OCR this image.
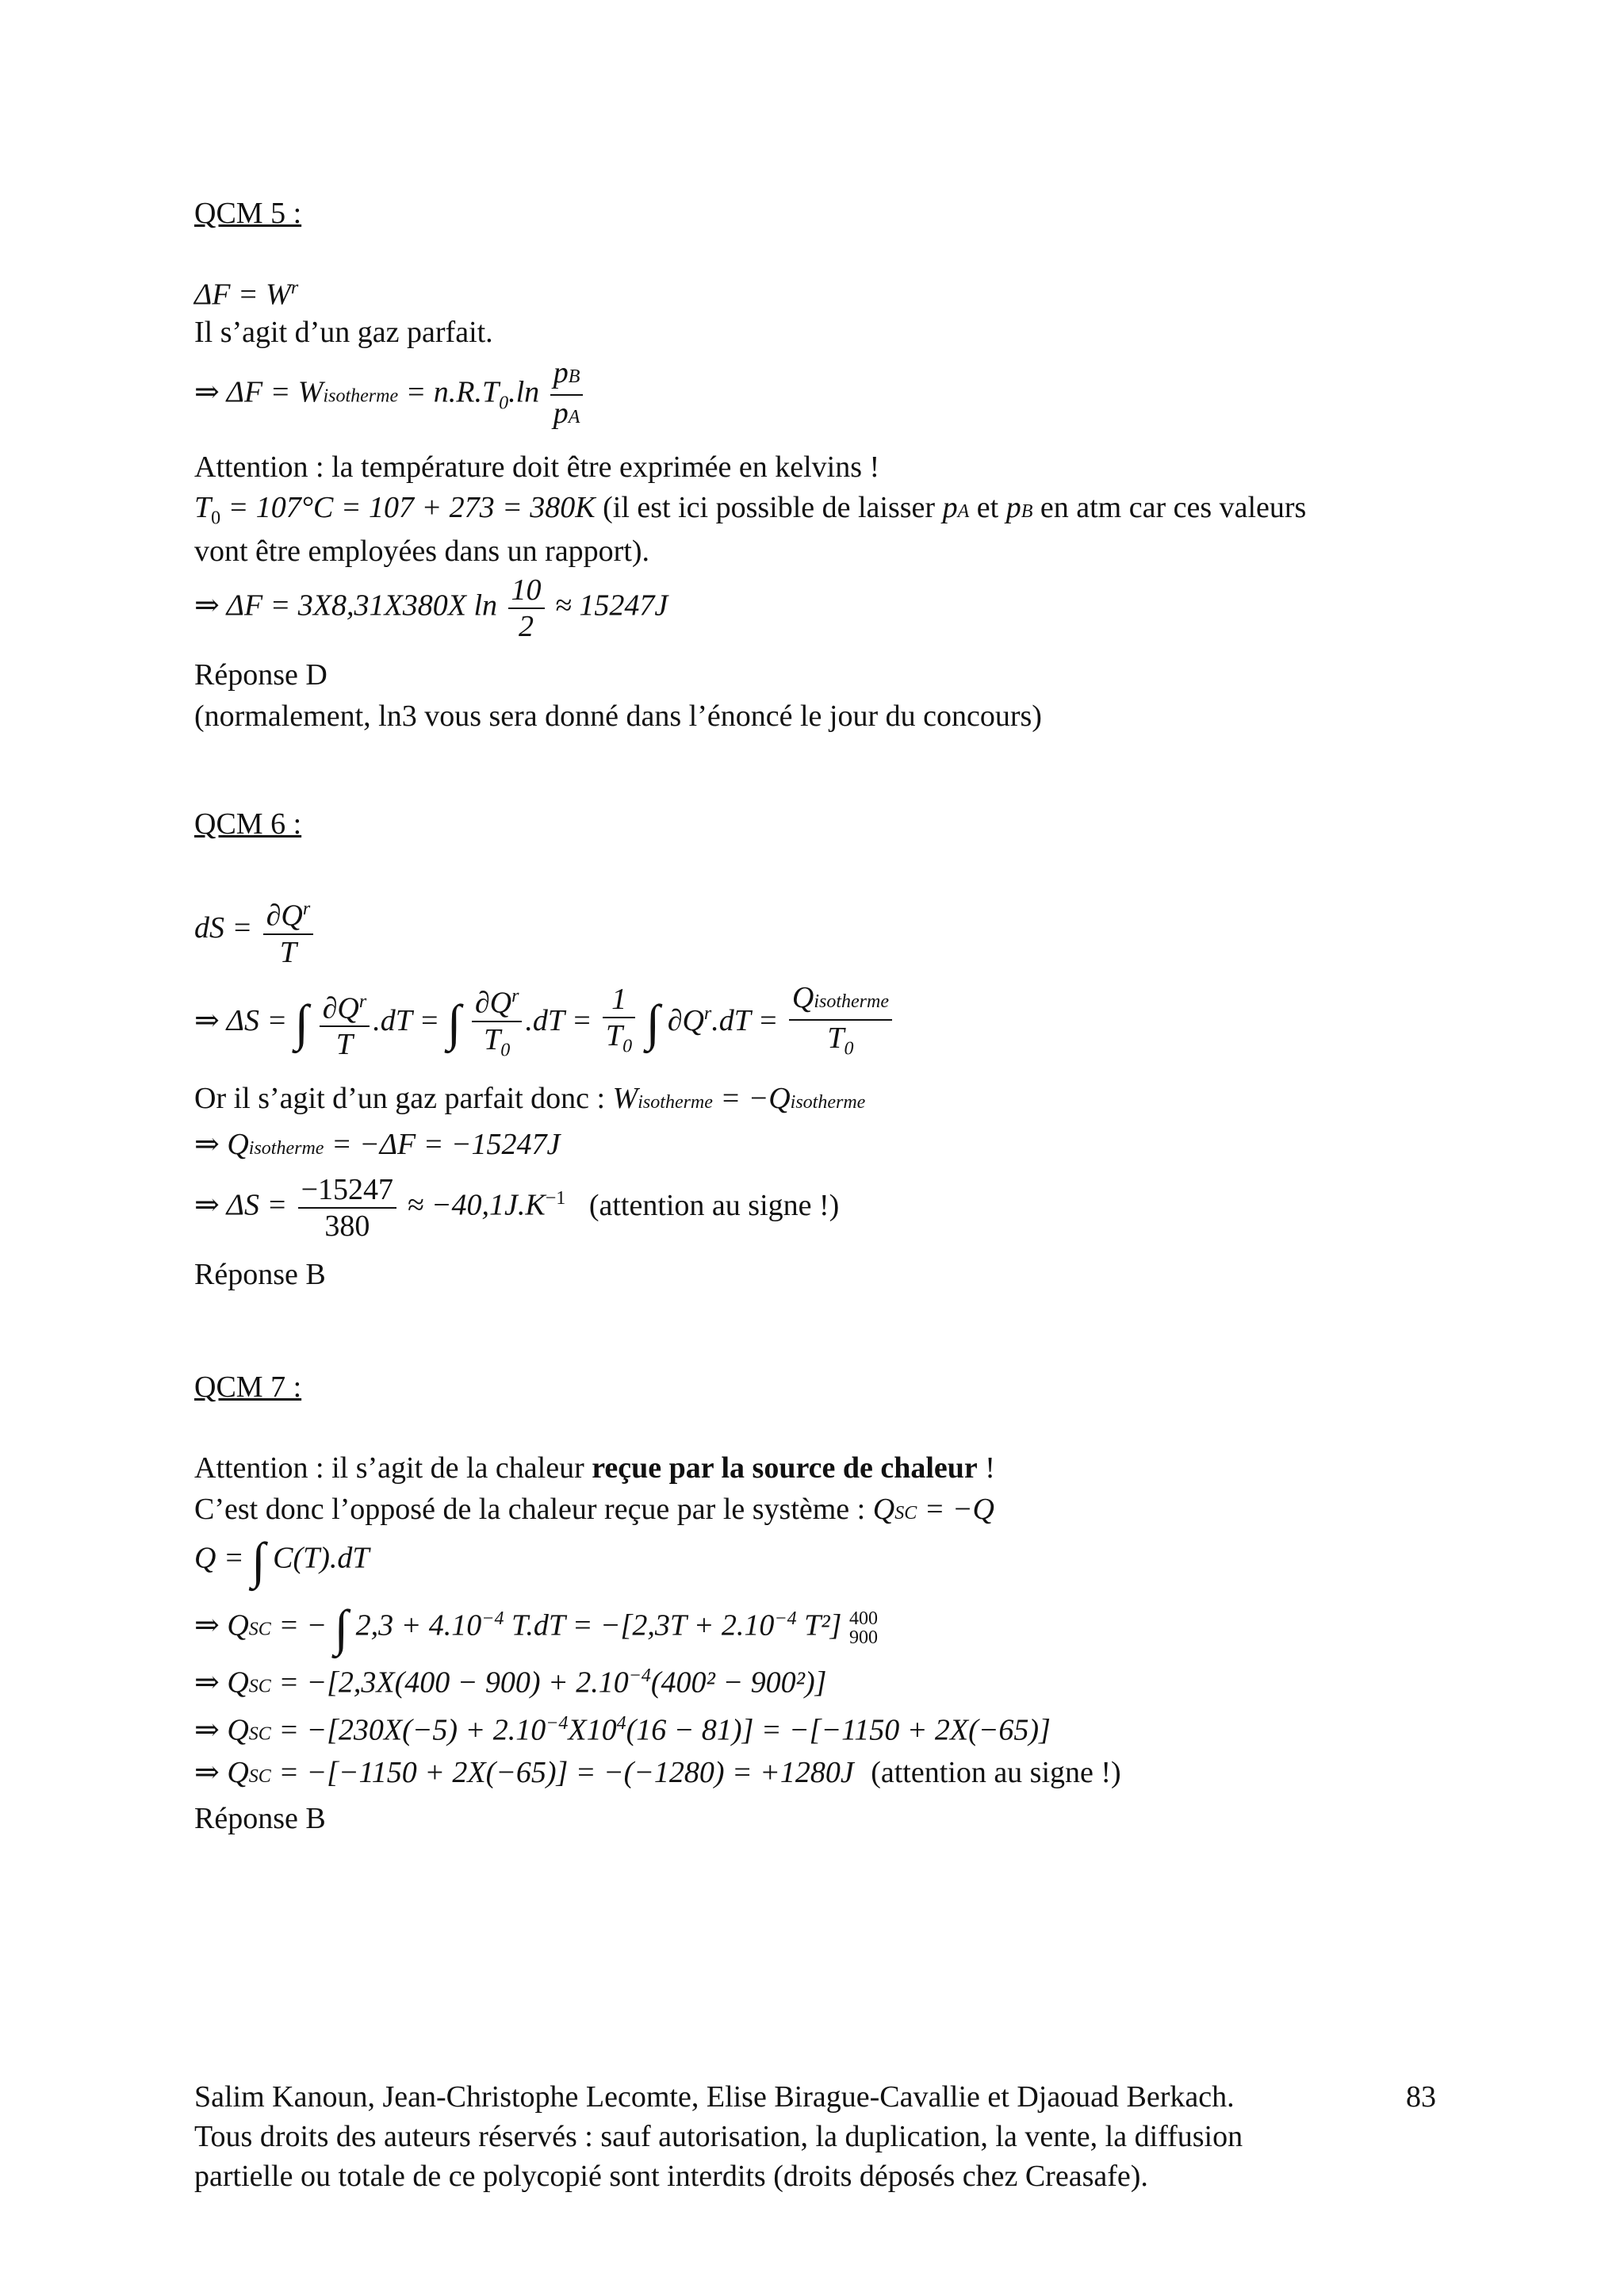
QCM 5 :
$\Delta F = W^r$
Il s’agit d’un gaz parfait.
⇒ ΔF = Wisotherme = $n.R.T_0.\ln \frac{pB}{pA}$
Attention : la température doit être exprimée en kelvins !
$T_0 = 107^\circ C = 107 + 273 = 380K$ (il est ici possible de laisser pA et pB en atm car ces valeurs
vont être employées dans un rapport).
⇒ ΔF = 3X8,31X380X $\ln \frac{10}{2} \approx 15247J$
Réponse D
(normalement, ln3 vous sera donné dans l’énoncé le jour du concours)
QCM 6 :
dS = $\frac{\partial Q^r}{T}$
⇒ ΔS = ∫ $\frac{\partial Q^r}{T} .dT$ = ∫ $\frac{\partial Q^r}{T_0} .dT = \frac{1}{T_0}$ ∫ $\partial Q^r.dT = \frac{\text{Qisotherme}}{T_0}$
Or il s’agit d’un gaz parfait donc : Wisotherme = −Qisotherme
⇒ Qisotherme = −ΔF = −15247J
⇒ $\Delta S = \frac{-15247}{380} \approx -40,1J.K^{-1}$ (attention au signe !)
Réponse B
QCM 7 :
Attention : il s’agit de la chaleur reçue par la source de chaleur !
C’est donc l’opposé de la chaleur reçue par le système : QSC = −Q
Q = ∫ C(T).dT
⇒ QSC = − ∫ $2,3 + 4.10^{-4}$ $T.dT = -[2,3T + 2.10^{-4}$ T²] 400
900
⇒ QSC = $-[2,3X(400 - 900) + 2.10^{-4}(400^2 - 900^2)]$
⇒ QSC = $-[230X(-5) + 2.10^{-4}X10^4(16 - 81)] = -[-1150 + 2X(-65)]$
⇒ QSC = −[−1150 + 2X(−65)] = −(−1280) = +1280J (attention au signe !)
Réponse B
Salim Kanoun, Jean-Christophe Lecomte, Elise Birague-Cavallie et Djaouad Berkach.
Tous droits des auteurs réservés : sauf autorisation, la duplication, la vente, la diffusion
partielle ou totale de ce polycopié sont interdits (droits déposés chez Creasafe).
83
